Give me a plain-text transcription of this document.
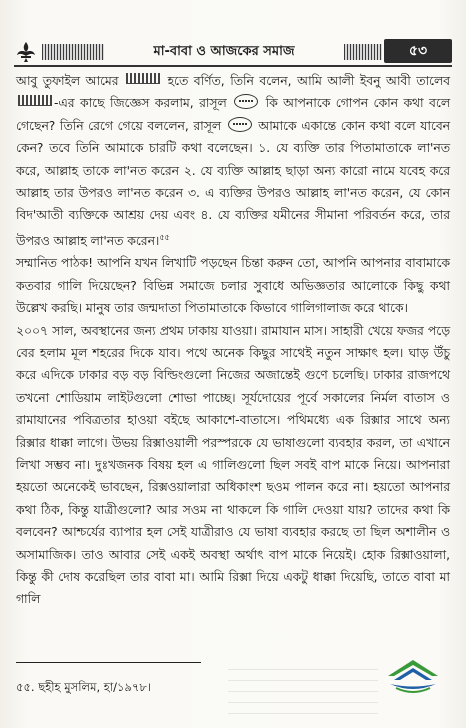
মা-বাবা ও আজকের সমাজ	৫৩

আবু তুফাইল আমের	হতে বর্ণিত, তিনি বলেন, আমি আলী ইবনু আবী তালেব -এর কাছে জিজ্ঞেস করলাম, রাসূল  কি আপনাকে গোপন কোন কথা বলে গেছেন? তিনি রেগে গেয়ে বললেন, রাসূল  আমাকে একান্তে কোন কথা বলে যাবেন কেন? তবে তিনি আমাকে চারটি কথা বলেছেন। ১. যে ব্যক্তি তার পিতামাতাকে লা'নত করে, আল্লাহ তাকে লা'নত করেন ২. যে ব্যক্তি আল্লাহ ছাড়া অন্য কারো নামে যবেহ করে আল্লাহ তার উপরও লা'নত করেন ৩. এ ব্যক্তির উপরও আল্লাহ লা'নত করেন, যে কোন বিদ'আতী ব্যক্তিকে আশ্রয় দেয় এবং ৪. যে ব্যক্তির যমীনের সীমানা পরিবর্তন করে, তার উপরও আল্লাহ লা'নত করেন।$^{৫৫}$

সম্মানিত পাঠক! আপনি যখন লিখাটি পড়ছেন চিন্তা করুন তো, আপনি আপনার বাবামাকে কতবার গালি দিয়েছেন? বিভিন্ন সমাজে চলার সুবাধে অভিজ্ঞতার আলোকে কিছু কথা উল্লেখ করছি। মানুষ তার জন্মদাতা পিতামাতাকে কিভাবে গালিগালাজ করে থাকে।

২০০৭ সাল, অবস্থানের জন্য প্রথম ঢাকায় যাওয়া। রামাযান মাস। সাহারী খেয়ে ফজর পড়ে বের হলাম মূল শহরের দিকে যাব। পথে অনেক কিছুর সাথেই নতুন সাক্ষাৎ হল। ঘাড় উঁচু করে এদিকে ঢাকার বড় বড় বিল্ডিংগুলো নিজের অজান্তেই গুণে চলেছি। ঢাকার রাজপথে তখনো শোডিয়াম লাইটগুলো শোভা পাচ্ছে। সূর্যদোয়ের পূর্বে সকালের নির্মল বাতাস ও রামাযানের পবিত্রতার হাওয়া বইছে আকাশে-বাতাসে। পথিমধ্যে এক রিক্সার সাথে অন্য রিক্সার ধাক্কা লাগে। উভয় রিক্সাওয়ালী পরস্পরকে যে ভাষাগুলো ব্যবহার করল, তা এখানে লিখা সম্ভব না। দুঃখজনক বিষয় হল এ গালিগুলো ছিল সবই বাপ মাকে নিয়ে। আপনারা হয়তো অনেকেই ভাবছেন, রিক্সওয়ালারা অধিকাংশ ছওম পালন করে না। হয়তো আপনার কথা ঠিক, কিন্তু যাত্রীগুলো? আর সওম না থাকলে কি গালি দেওয়া যায়? তাদের কথা কি বলবেন? আশ্চর্যের ব্যাপার হল সেই যাত্রীরাও যে ভাষা ব্যবহার করছে তা ছিল অশালীন ও অসামাজিক। তাও আবার সেই একই অবস্থা অর্থাৎ বাপ মাকে নিয়েই। হোক রিক্সাওয়ালা, কিন্তু কী দোষ করেছিল তার বাবা মা। আমি রিক্সা দিয়ে একটু ধাক্কা দিয়েছি, তাতে বাবা মা গালি

৫৫. ছহীহ মুসলিম, হা/১৯৭৮।
